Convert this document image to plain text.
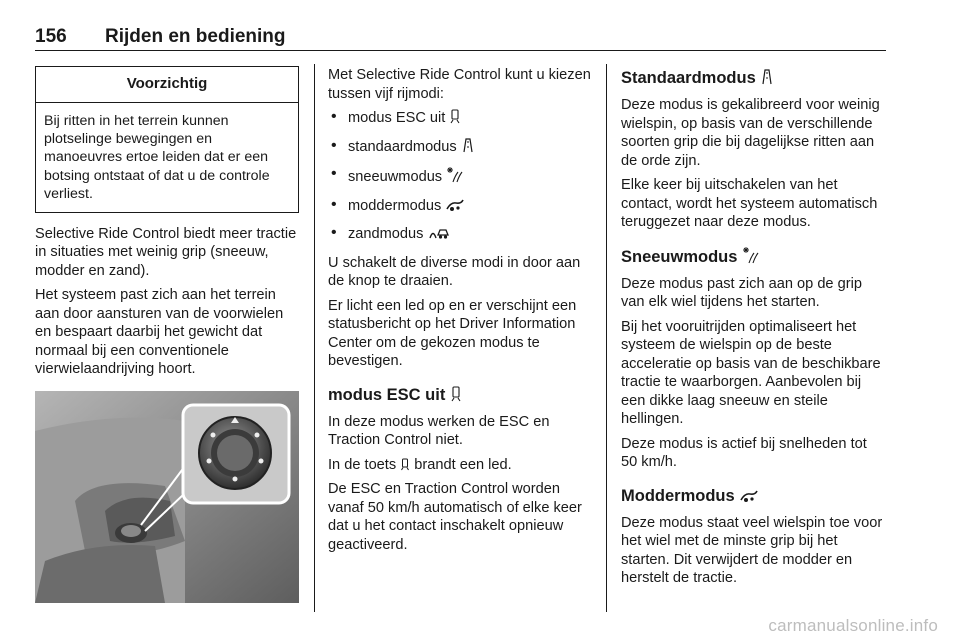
156 Rijden en bediening
Voorzichtig
Bij ritten in het terrein kunnen plotselinge bewegingen en manoeuvres ertoe leiden dat er een botsing ontstaat of dat u de controle verliest.

Selective Ride Control biedt meer tractie in situaties met weinig grip (sneeuw, modder en zand).

Het systeem past zich aan het terrein aan door aansturen van de voorwielen en bespaart daarbij het gewicht dat normaal bij een conventionele vierwielaandrijving hoort.

Met Selective Ride Control kunt u kiezen tussen vijf rijmodi:

• modus ESC uit
• standaardmodus
• sneeuwmodus
• moddermodus
• zandmodus

U schakelt de diverse modi in door aan de knop te draaien.

Er licht een led op en er verschijnt een statusbericht op het Driver Information Center om de gekozen modus te bevestigen.

modus ESC uit

In deze modus werken de ESC en Traction Control niet.

In de toets brandt een led.

De ESC en Traction Control worden vanaf 50 km/h automatisch of elke keer dat u het contact inschakelt opnieuw geactiveerd.

Standaardmodus

Deze modus is gekalibreerd voor weinig wielspin, op basis van de verschillende soorten grip die bij dagelijkse ritten aan de orde zijn.

Elke keer bij uitschakelen van het contact, wordt het systeem automatisch teruggezet naar deze modus.

Sneeuwmodus

Deze modus past zich aan op de grip van elk wiel tijdens het starten.

Bij het vooruitrijden optimaliseert het systeem de wielspin op de beste acceleratie op basis van de beschikbare tractie te waarborgen. Aanbevolen bij een dikke laag sneeuw en steile hellingen.

Deze modus is actief bij snelheden tot 50 km/h.

Moddermodus

Deze modus staat veel wielspin toe voor het wiel met de minste grip bij het starten. Dit verwijdert de modder en herstelt de tractie.

carmanualsonline.info
